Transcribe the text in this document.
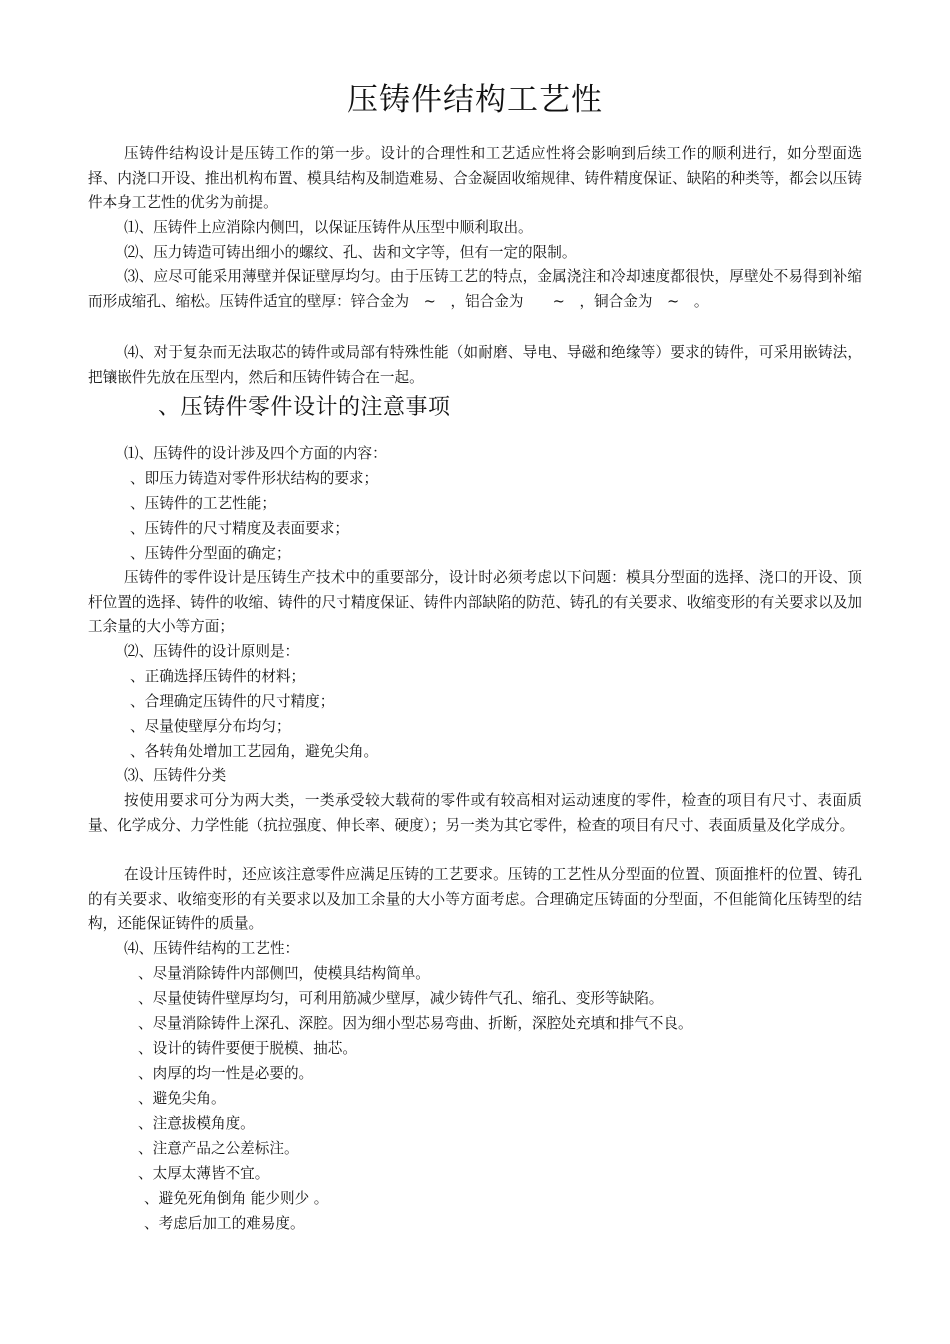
压铸件结构工艺性
压铸件结构设计是压铸工作的第一步。设计的合理性和工艺适应性将会影响到后续工作的顺利进行，如分型面选择、内浇口开设、推出机构布置、模具结构及制造难易、合金凝固收缩规律、铸件精度保证、缺陷的种类等，都会以压铸件本身工艺性的优劣为前提。
⑴、压铸件上应消除内侧凹，以保证压铸件从压型中顺利取出。
⑵、压力铸造可铸出细小的螺纹、孔、齿和文字等，但有一定的限制。
⑶、应尽可能采用薄壁并保证壁厚均匀。由于压铸工艺的特点，金属浇注和冷却速度都很快，厚壁处不易得到补缩而形成缩孔、缩松。压铸件适宜的壁厚：锌合金为　~　，铝合金为　　~　，铜合金为　~　。
⑷、对于复杂而无法取芯的铸件或局部有特殊性能（如耐磨、导电、导磁和绝缘等）要求的铸件，可采用嵌铸法，把镶嵌件先放在压型内，然后和压铸件铸合在一起。
、压铸件零件设计的注意事项
⑴、压铸件的设计涉及四个方面的内容：
、即压力铸造对零件形状结构的要求；
、压铸件的工艺性能；
、压铸件的尺寸精度及表面要求；
、压铸件分型面的确定；
压铸件的零件设计是压铸生产技术中的重要部分，设计时必须考虑以下问题：模具分型面的选择、浇口的开设、顶杆位置的选择、铸件的收缩、铸件的尺寸精度保证、铸件内部缺陷的防范、铸孔的有关要求、收缩变形的有关要求以及加工余量的大小等方面；
⑵、压铸件的设计原则是：
、正确选择压铸件的材料；
、合理确定压铸件的尺寸精度；
、尽量使壁厚分布均匀；
、各转角处增加工艺园角，避免尖角。
⑶、压铸件分类
按使用要求可分为两大类，一类承受较大载荷的零件或有较高相对运动速度的零件，检查的项目有尺寸、表面质量、化学成分、力学性能（抗拉强度、伸长率、硬度）；另一类为其它零件，检查的项目有尺寸、表面质量及化学成分。
在设计压铸件时，还应该注意零件应满足压铸的工艺要求。压铸的工艺性从分型面的位置、顶面推杆的位置、铸孔的有关要求、收缩变形的有关要求以及加工余量的大小等方面考虑。合理确定压铸面的分型面，不但能简化压铸型的结构，还能保证铸件的质量。
⑷、压铸件结构的工艺性：
、尽量消除铸件内部侧凹，使模具结构简单。
、尽量使铸件壁厚均匀，可利用筋减少壁厚，减少铸件气孔、缩孔、变形等缺陷。
、尽量消除铸件上深孔、深腔。因为细小型芯易弯曲、折断，深腔处充填和排气不良。
、设计的铸件要便于脱模、抽芯。
、肉厚的均一性是必要的。
、避免尖角。
、注意拔模角度。
、注意产品之公差标注。
、太厚太薄皆不宜。
、避免死角倒角 能少则少 。
、考虑后加工的难易度。
